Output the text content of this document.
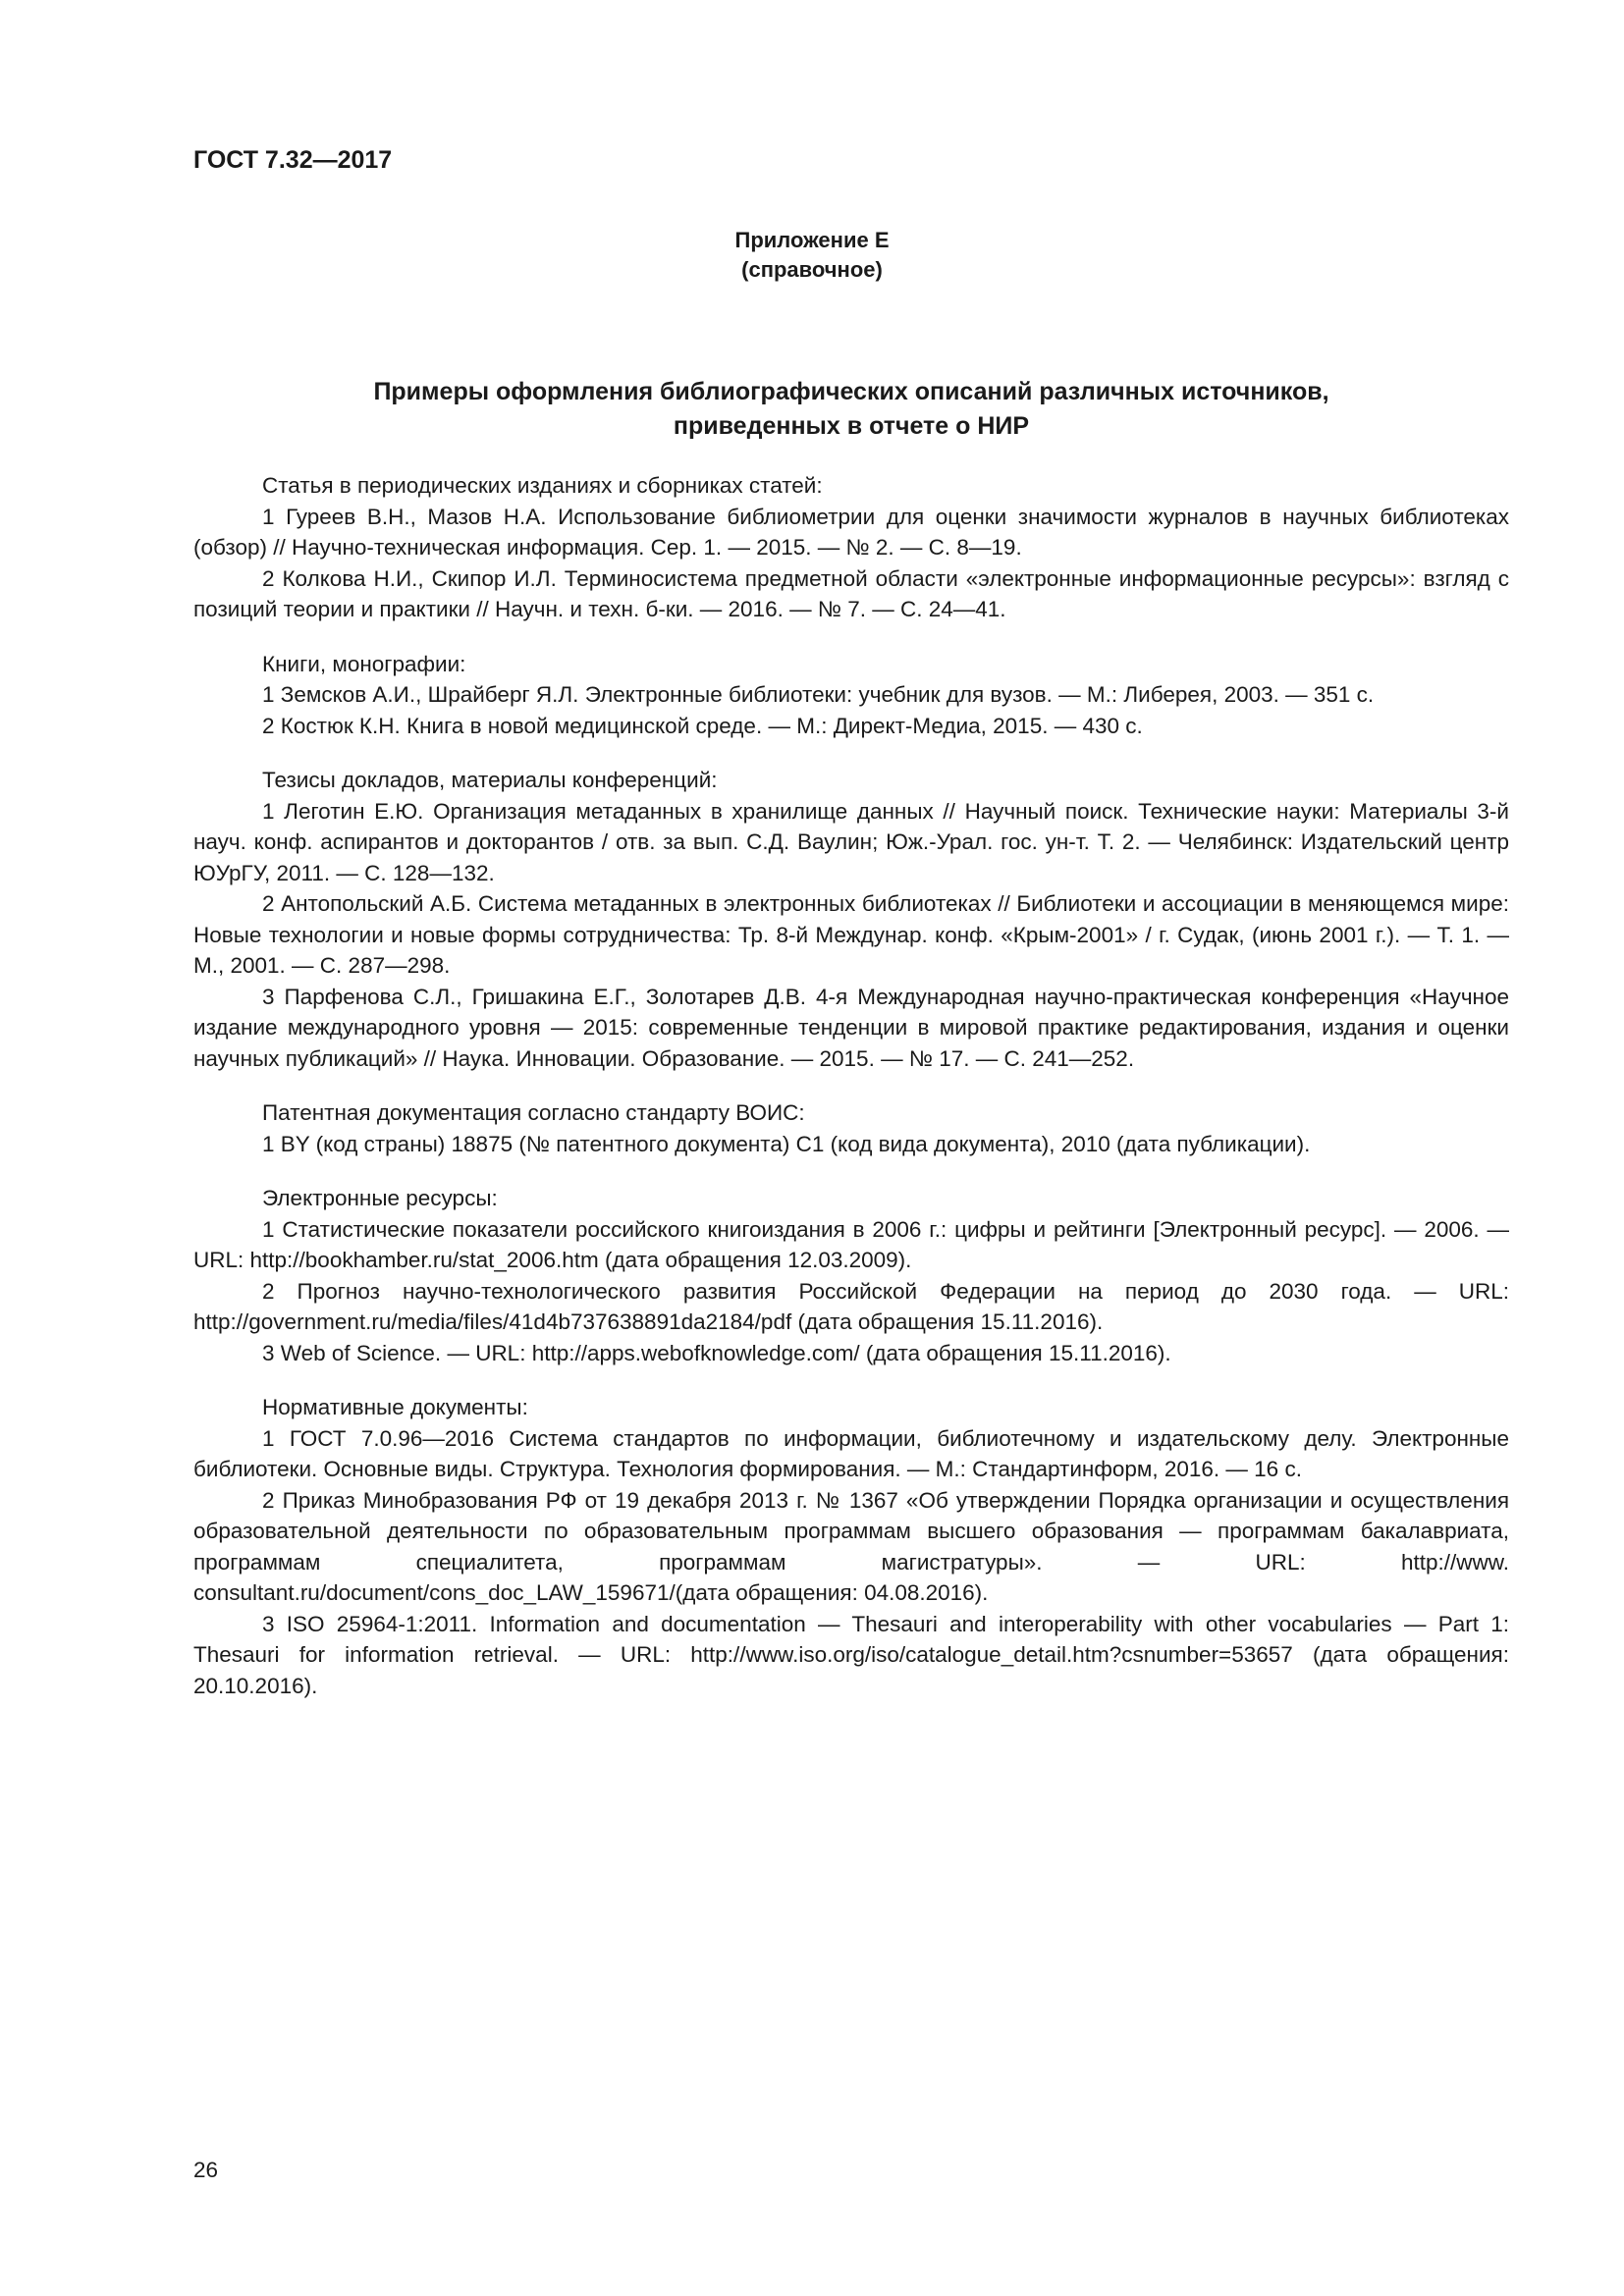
ГОСТ 7.32—2017

Приложение Е
(справочное)
Примеры оформления библиографических описаний различных источников,
приведенных в отчете о НИР

Статья в периодических изданиях и сборниках статей:

1 Гуреев В.Н., Мазов Н.А. Использование библиометрии для оценки значимости журналов в научных библиотеках (обзор) // Научно-техническая информация. Сер. 1. — 2015. — № 2. — С. 8—19.

2 Колкова Н.И., Скипор И.Л. Терминосистема предметной области «электронные информационные ресурсы»: взгляд с позиций теории и практики // Научн. и техн. б-ки. — 2016. — № 7. — С. 24—41.

Книги, монографии:

1 Земсков А.И., Шрайберг Я.Л. Электронные библиотеки: учебник для вузов. — М.: Либерея, 2003. — 351 с.

2 Костюк К.Н. Книга в новой медицинской среде. — М.: Директ-Медиа, 2015. — 430 с.

Тезисы докладов, материалы конференций:

1 Леготин Е.Ю. Организация метаданных в хранилище данных // Научный поиск. Технические науки: Материалы 3-й науч. конф. аспирантов и докторантов / отв. за вып. С.Д. Ваулин; Юж.-Урал. гос. ун-т. Т. 2. — Челябинск: Издательский центр ЮУрГУ, 2011. — С. 128—132.

2 Антопольский А.Б. Система метаданных в электронных библиотеках // Библиотеки и ассоциации в меняющемся мире: Новые технологии и новые формы сотрудничества: Тр. 8-й Междунар. конф. «Крым-2001» / г. Судак, (июнь 2001 г.). — Т. 1. — М., 2001. — С. 287—298.

3 Парфенова С.Л., Гришакина Е.Г., Золотарев Д.В. 4-я Международная научно-практическая конференция «Научное издание международного уровня — 2015: современные тенденции в мировой практике редактирования, издания и оценки научных публикаций» // Наука. Инновации. Образование. — 2015. — № 17. — С. 241—252.

Патентная документация согласно стандарту ВОИС:

1 BY (код страны) 18875 (№ патентного документа) C1 (код вида документа), 2010 (дата публикации).

Электронные ресурсы:

1 Статистические показатели российского книгоиздания в 2006 г.: цифры и рейтинги [Электронный ресурс]. — 2006. — URL: http://bookhamber.ru/stat_2006.htm (дата обращения 12.03.2009).

2 Прогноз научно-технологического развития Российской Федерации на период до 2030 года. — URL: http://government.ru/media/files/41d4b737638891da2184/pdf (дата обращения 15.11.2016).

3 Web of Science. — URL: http://apps.webofknowledge.com/ (дата обращения 15.11.2016).

Нормативные документы:

1 ГОСТ 7.0.96—2016 Система стандартов по информации, библиотечному и издательскому делу. Электронные библиотеки. Основные виды. Структура. Технология формирования. — М.: Стандартинформ, 2016. — 16 с.

2 Приказ Минобразования РФ от 19 декабря 2013 г. № 1367 «Об утверждении Порядка организации и осуществления образовательной деятельности по образовательным программам высшего образования — программам бакалавриата, программам специалитета, программам магистратуры». — URL: http://www. consultant.ru/document/cons_doc_LAW_159671/(дата обращения: 04.08.2016).

3 ISO 25964-1:2011. Information and documentation — Thesauri and interoperability with other vocabularies — Part 1: Thesauri for information retrieval. — URL: http://www.iso.org/iso/catalogue_detail.htm?csnumber=53657 (дата обращения: 20.10.2016).

26
